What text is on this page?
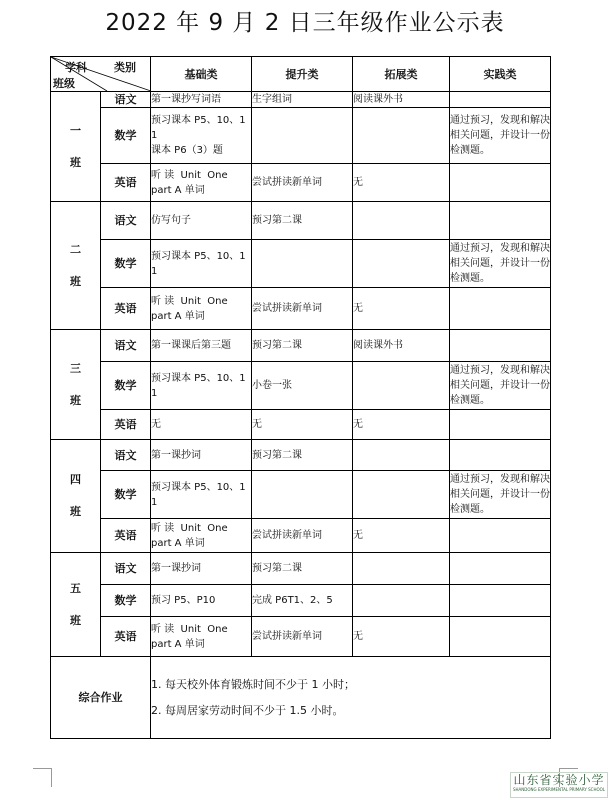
2022 年 9 月 2 日三年级作业公示表
学科 类别
班级		基础类	提升类	拓展类	实践类
一

班	语文	第一课抄写词语	生字组词	阅读课外书	
	数学	预习课本 P5、10、11
课本 P6（3）题			通过预习，发现和解决相关问题，并设计一份检测题。
	英语	听 读  Unit  One
part A 单词	尝试拼读新单词	无	
二

班	语文	仿写句子	预习第二课		
	数学	预习课本 P5、10、11			通过预习，发现和解决相关问题，并设计一份检测题。
	英语	听 读  Unit  One
part A 单词	尝试拼读新单词	无	
三

班	语文	第一课课后第三题	预习第二课	阅读课外书	
	数学	预习课本 P5、10、11	小卷一张		通过预习，发现和解决相关问题，并设计一份检测题。
	英语	无	无	无	
四

班	语文	第一课抄词	预习第二课		
	数学	预习课本 P5、10、11			通过预习，发现和解决相关问题，并设计一份检测题。
	英语	听 读  Unit  One
part A 单词	尝试拼读新单词	无	
五

班	语文	第一课抄词	预习第二课		
	数学	预习 P5、P10	完成 P6T1、2、5		
	英语	听 读  Unit  One
part A 单词	尝试拼读新单词	无	
综合作业		1. 每天校外体育锻炼时间不少于 1 小时；
2. 每周居家劳动时间不少于 1.5 小时。			
山东省实验小学
SHANDONG EXPERIMENTAL PRIMARY SCHOOL
